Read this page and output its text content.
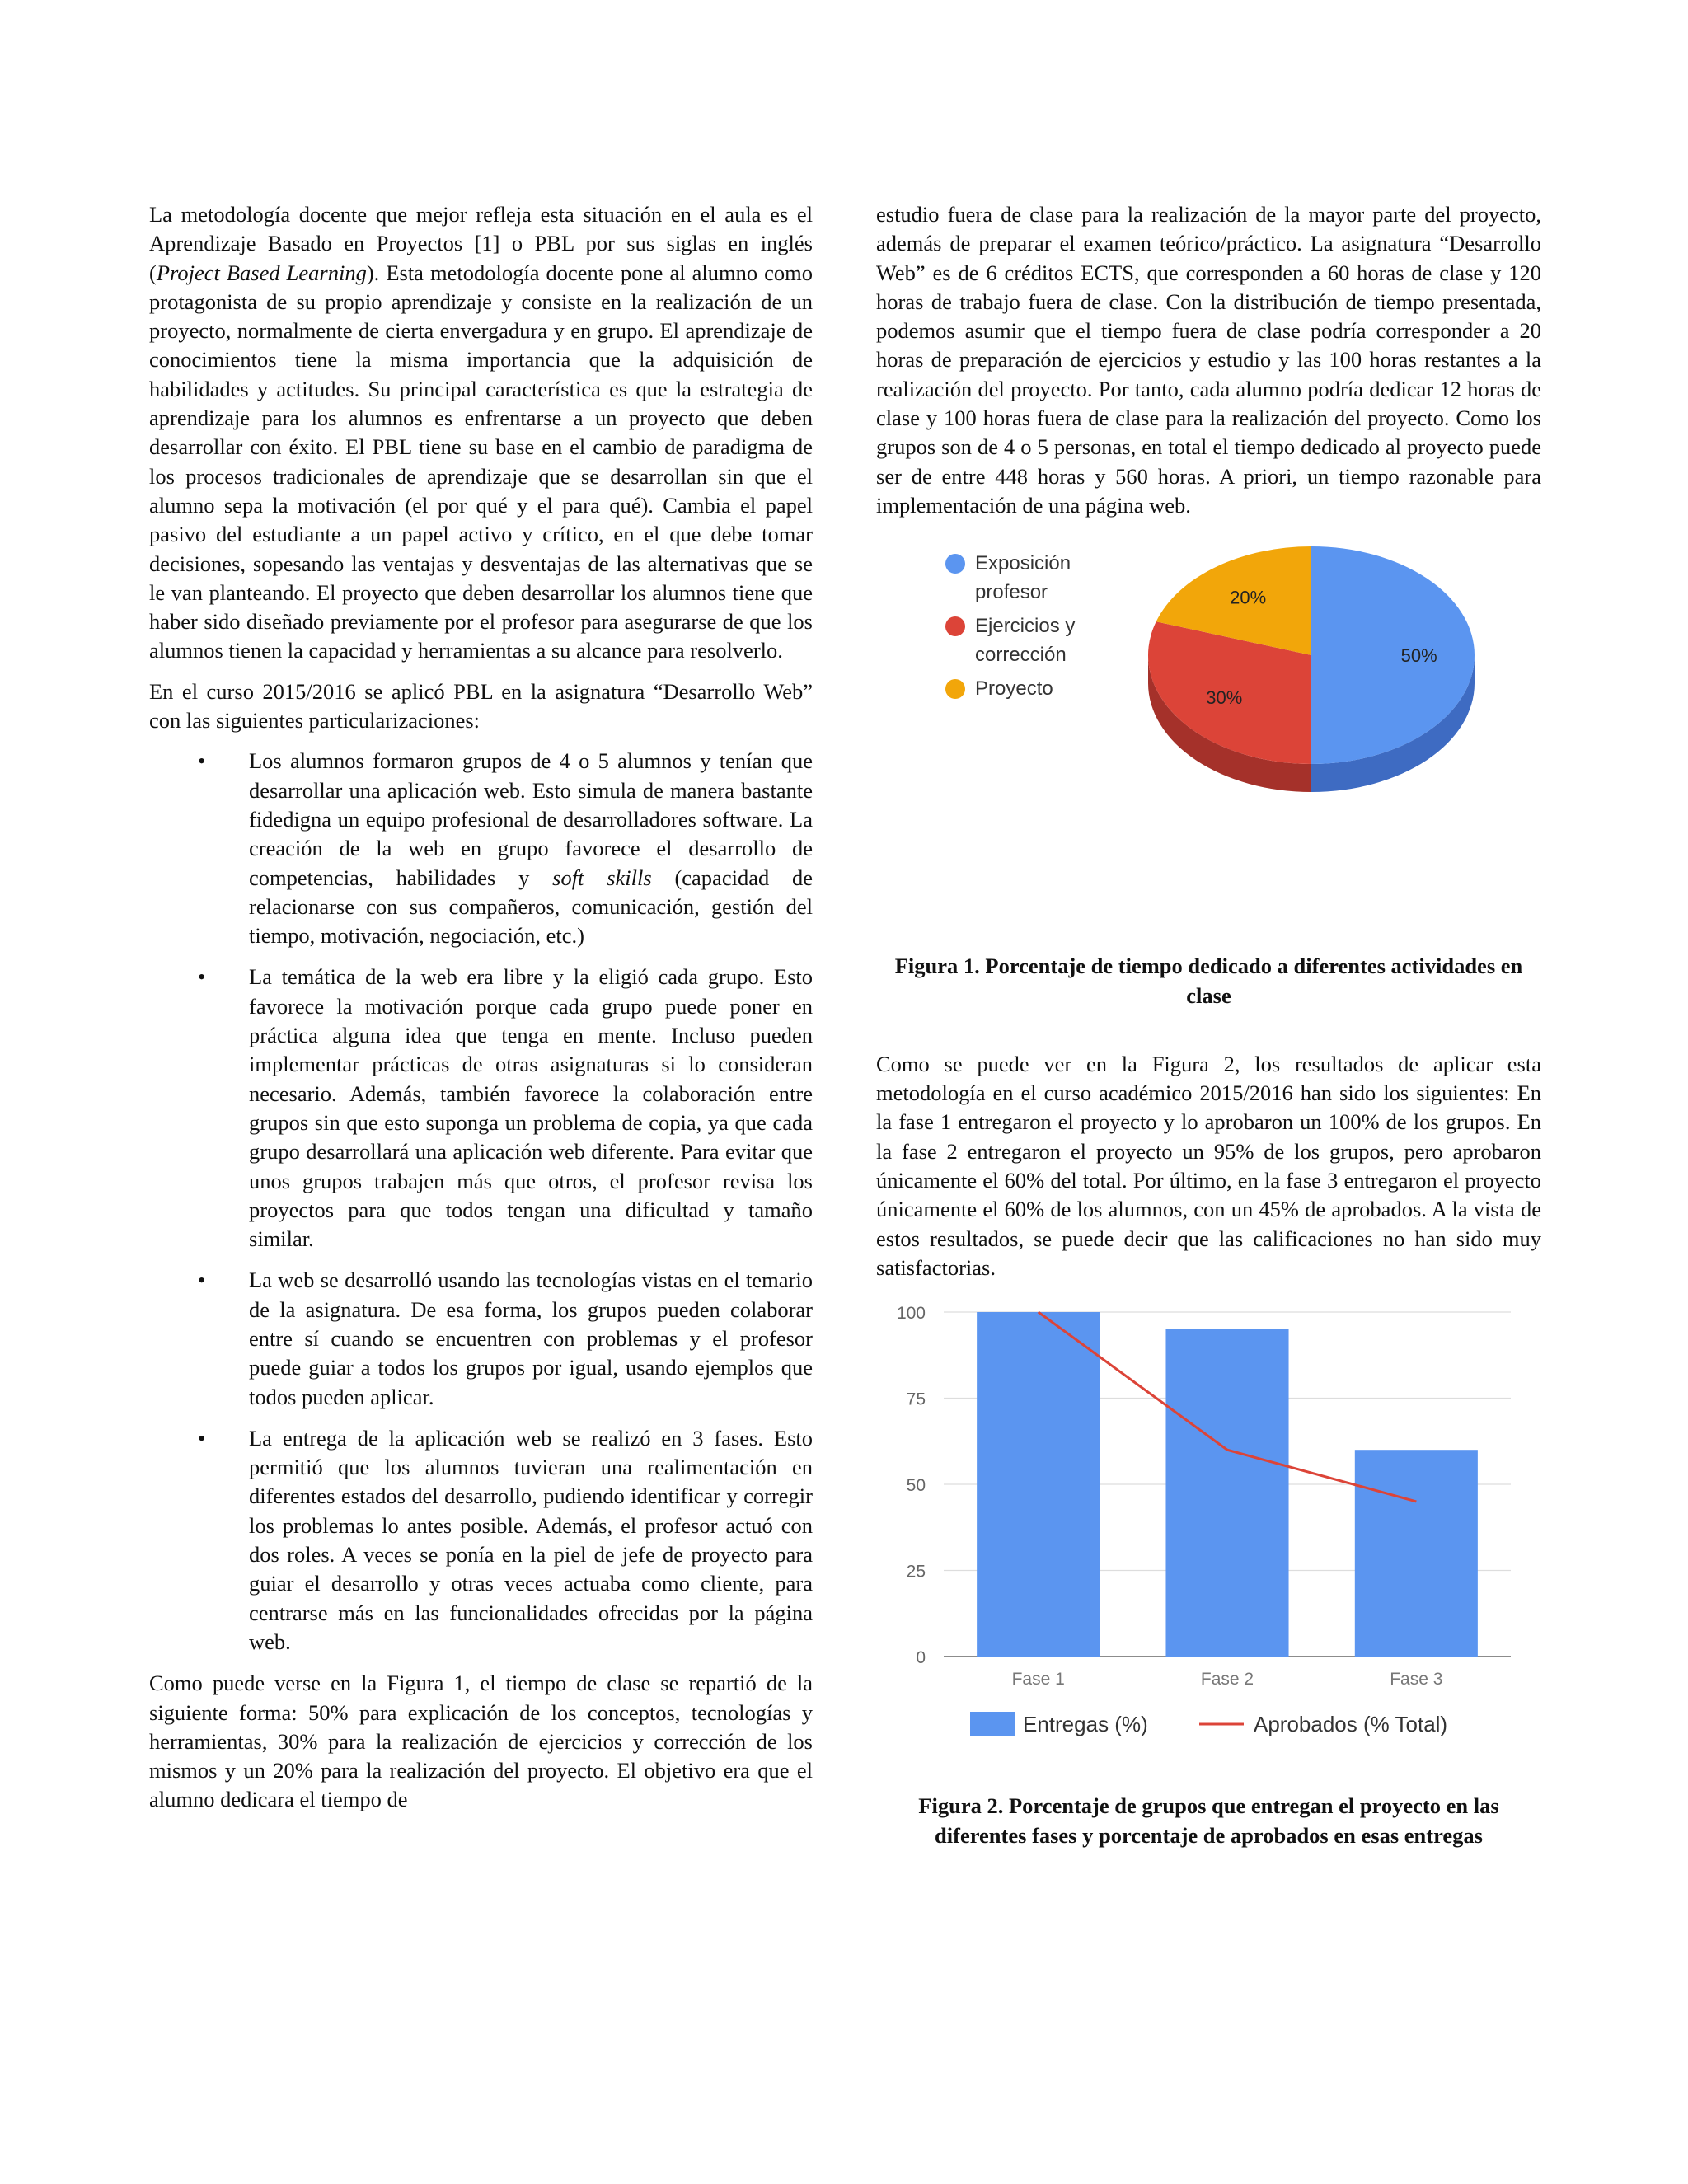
La metodología docente que mejor refleja esta situación en el aula es el Aprendizaje Basado en Proyectos [1] o PBL por sus siglas en inglés (Project Based Learning). Esta metodología docente pone al alumno como protagonista de su propio aprendizaje y consiste en la realización de un proyecto, normalmente de cierta envergadura y en grupo. El aprendizaje de conocimientos tiene la misma importancia que la adquisición de habilidades y actitudes. Su principal característica es que la estrategia de aprendizaje para los alumnos es enfrentarse a un proyecto que deben desarrollar con éxito. El PBL tiene su base en el cambio de paradigma de los procesos tradicionales de aprendizaje que se desarrollan sin que el alumno sepa la motivación (el por qué y el para qué). Cambia el papel pasivo del estudiante a un papel activo y crítico, en el que debe tomar decisiones, sopesando las ventajas y desventajas de las alternativas que se le van planteando. El proyecto que deben desarrollar los alumnos tiene que haber sido diseñado previamente por el profesor para asegurarse de que los alumnos tienen la capacidad y herramientas a su alcance para resolverlo.

En el curso 2015/2016 se aplicó PBL en la asignatura “Desarrollo Web” con las siguientes particularizaciones:

• Los alumnos formaron grupos de 4 o 5 alumnos y tenían que desarrollar una aplicación web. Esto simula de manera bastante fidedigna un equipo profesional de desarrolladores software. La creación de la web en grupo favorece el desarrollo de competencias, habilidades y soft skills (capacidad de relacionarse con sus compañeros, comunicación, gestión del tiempo, motivación, negociación, etc.)
• La temática de la web era libre y la eligió cada grupo. Esto favorece la motivación porque cada grupo puede poner en práctica alguna idea que tenga en mente. Incluso pueden implementar prácticas de otras asignaturas si lo consideran necesario. Además, también favorece la colaboración entre grupos sin que esto suponga un problema de copia, ya que cada grupo desarrollará una aplicación web diferente. Para evitar que unos grupos trabajen más que otros, el profesor revisa los proyectos para que todos tengan una dificultad y tamaño similar.
• La web se desarrolló usando las tecnologías vistas en el temario de la asignatura. De esa forma, los grupos pueden colaborar entre sí cuando se encuentren con problemas y el profesor puede guiar a todos los grupos por igual, usando ejemplos que todos pueden aplicar.
• La entrega de la aplicación web se realizó en 3 fases. Esto permitió que los alumnos tuvieran una realimentación en diferentes estados del desarrollo, pudiendo identificar y corregir los problemas lo antes posible. Además, el profesor actuó con dos roles. A veces se ponía en la piel de jefe de proyecto para guiar el desarrollo y otras veces actuaba como cliente, para centrarse más en las funcionalidades ofrecidas por la página web.

Como puede verse en la Figura 1, el tiempo de clase se repartió de la siguiente forma: 50% para explicación de los conceptos, tecnologías y herramientas, 30% para la realización de ejercicios y corrección de los mismos y un 20% para la realización del proyecto. El objetivo era que el alumno dedicara el tiempo de

estudio fuera de clase para la realización de la mayor parte del proyecto, además de preparar el examen teórico/práctico. La asignatura “Desarrollo Web” es de 6 créditos ECTS, que corresponden a 60 horas de clase y 120 horas de trabajo fuera de clase. Con la distribución de tiempo presentada, podemos asumir que el tiempo fuera de clase podría corresponder a 20 horas de preparación de ejercicios y estudio y las 100 horas restantes a la realización del proyecto. Por tanto, cada alumno podría dedicar 12 horas de clase y 100 horas fuera de clase para la realización del proyecto. Como los grupos son de 4 o 5 personas, en total el tiempo dedicado al proyecto puede ser de entre 448 horas y 560 horas. A priori, un tiempo razonable para implementación de una página web.

50%
30%
20%
Exposición
profesor
Ejercicios y
corrección
Proyecto

Figura 1. Porcentaje de tiempo dedicado a diferentes actividades en clase

Como se puede ver en la Figura 2, los resultados de aplicar esta metodología en el curso académico 2015/2016 han sido los siguientes: En la fase 1 entregaron el proyecto y lo aprobaron un 100% de los grupos. En la fase 2 entregaron el proyecto un 95% de los grupos, pero aprobaron únicamente el 60% del total. Por último, en la fase 3 entregaron el proyecto únicamente el 60% de los alumnos, con un 45% de aprobados. A la vista de estos resultados, se puede decir que las calificaciones no han sido muy satisfactorias.

0
25
50
75
100
Fase 1	Fase 2	Fase 3
Entregas (%)	Aprobados (% Total)

Figura 2. Porcentaje de grupos que entregan el proyecto en las diferentes fases y porcentaje de aprobados en esas entregas
